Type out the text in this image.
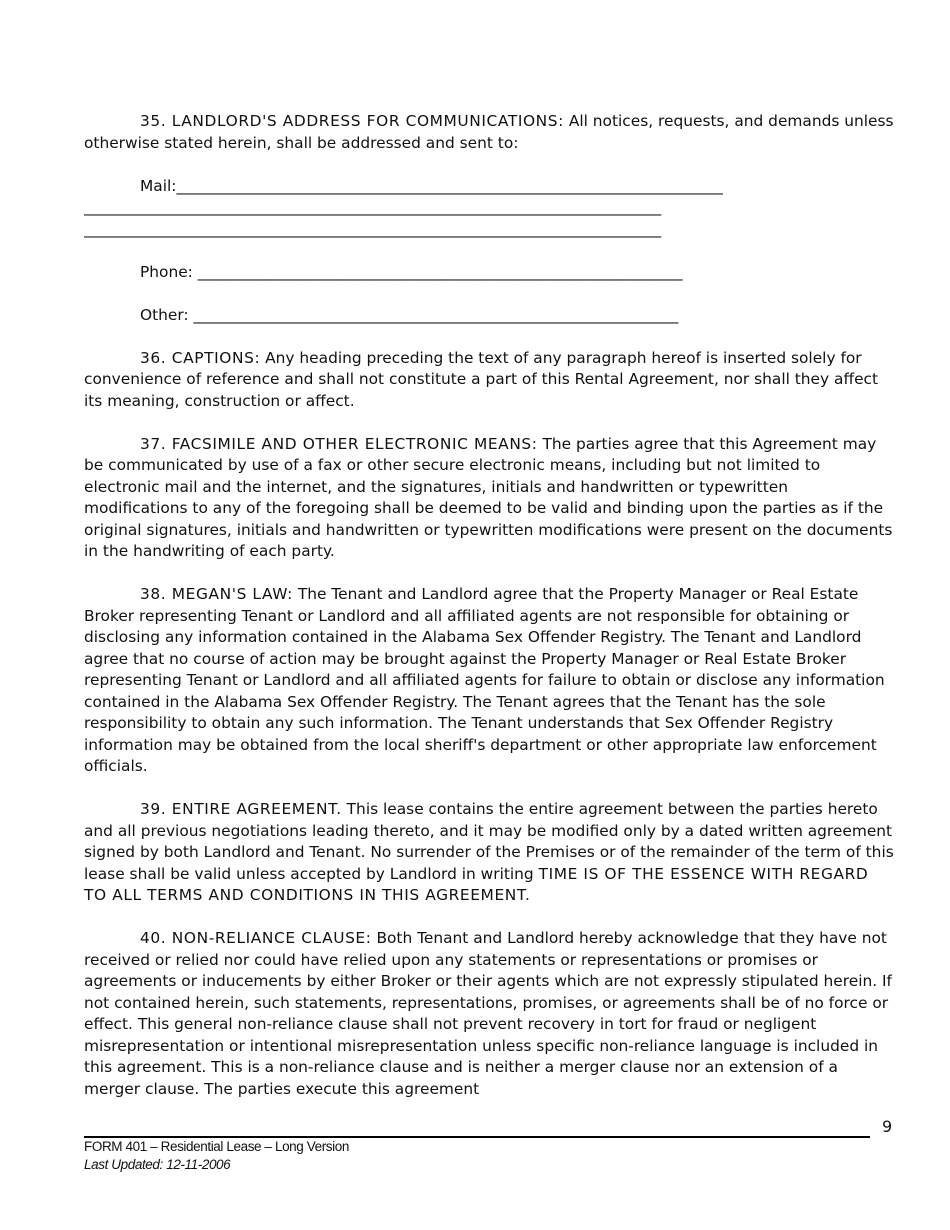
35. LANDLORD'S ADDRESS FOR COMMUNICATIONS: All notices, requests, and demands unless otherwise stated herein, shall be addressed and sent to:

Mail:_______________________________________________________________________

___________________________________________________________________________

___________________________________________________________________________

Phone: _______________________________________________________________

Other: _______________________________________________________________

36. CAPTIONS: Any heading preceding the text of any paragraph hereof is inserted solely for convenience of reference and shall not constitute a part of this Rental Agreement, nor shall they affect its meaning, construction or affect.

37. FACSIMILE AND OTHER ELECTRONIC MEANS: The parties agree that this Agreement may be communicated by use of a fax or other secure electronic means, including but not limited to electronic mail and the internet, and the signatures, initials and handwritten or typewritten modifications to any of the foregoing shall be deemed to be valid and binding upon the parties as if the original signatures, initials and handwritten or typewritten modifications were present on the documents in the handwriting of each party.

38. MEGAN'S LAW: The Tenant and Landlord agree that the Property Manager or Real Estate Broker representing Tenant or Landlord and all affiliated agents are not responsible for obtaining or disclosing any information contained in the Alabama Sex Offender Registry. The Tenant and Landlord agree that no course of action may be brought against the Property Manager or Real Estate Broker representing Tenant or Landlord and all affiliated agents for failure to obtain or disclose any information contained in the Alabama Sex Offender Registry. The Tenant agrees that the Tenant has the sole responsibility to obtain any such information. The Tenant understands that Sex Offender Registry information may be obtained from the local sheriff's department or other appropriate law enforcement officials.

39. ENTIRE AGREEMENT. This lease contains the entire agreement between the parties hereto and all previous negotiations leading thereto, and it may be modified only by a dated written agreement signed by both Landlord and Tenant. No surrender of the Premises or of the remainder of the term of this lease shall be valid unless accepted by Landlord in writing TIME IS OF THE ESSENCE WITH REGARD TO ALL TERMS AND CONDITIONS IN THIS AGREEMENT.

40. NON-RELIANCE CLAUSE: Both Tenant and Landlord hereby acknowledge that they have not received or relied nor could have relied upon any statements or representations or promises or agreements or inducements by either Broker or their agents which are not expressly stipulated herein. If not contained herein, such statements, representations, promises, or agreements shall be of no force or effect. This general non-reliance clause shall not prevent recovery in tort for fraud or negligent misrepresentation or intentional misrepresentation unless specific non-reliance language is included in this agreement. This is a non-reliance clause and is neither a merger clause nor an extension of a merger clause. The parties execute this agreement

9
FORM 401 – Residential Lease – Long Version
Last Updated: 12-11-2006
